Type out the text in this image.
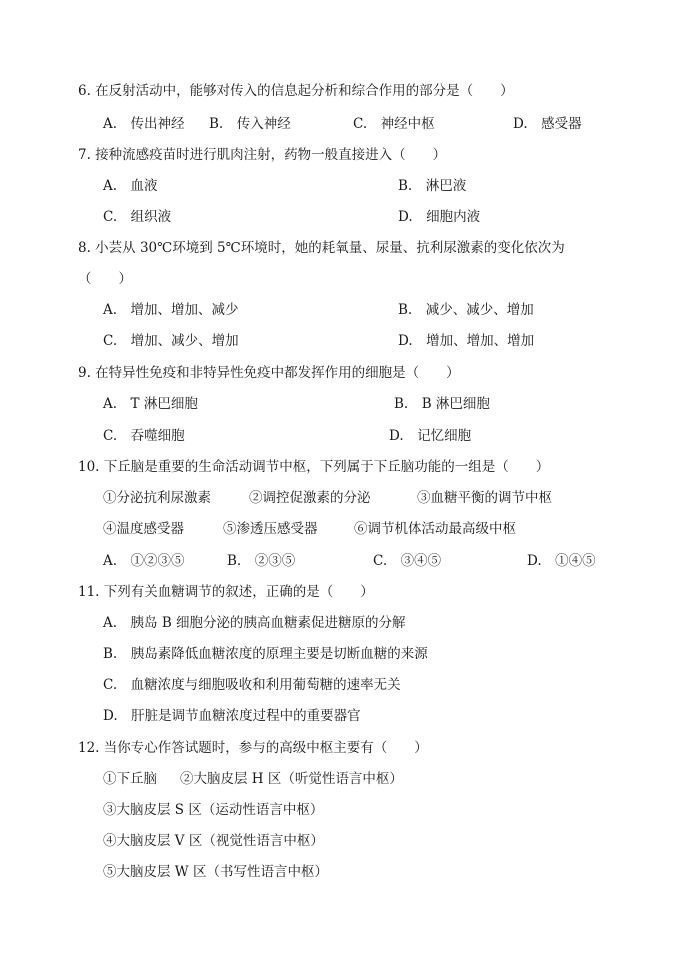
6. 在反射活动中，能够对传入的信息起分析和综合作用的部分是（　　）
A.　传出神经 B.　传入神经	C.　神经中枢	D.　感受器
7. 接种流感疫苗时进行肌肉注射，药物一般直接进入（　　）
A.　血液	B.　淋巴液
C.　组织液	D.　细胞内液
8. 小芸从 30℃环境到 5℃环境时，她的耗氧量、尿量、抗利尿激素的变化依次为
（　　）
A.　增加、增加、减少	B.　减少、减少、增加
C.　增加、减少、增加	D.　增加、增加、增加
9. 在特异性免疫和非特异性免疫中都发挥作用的细胞是（　　）
A.　T 淋巴细胞	B.　B 淋巴细胞
C.　吞噬细胞	D.　记忆细胞
10. 下丘脑是重要的生命活动调节中枢，下列属于下丘脑功能的一组是（　　）
①分泌抗利尿激素	②调控促激素的分泌	③血糖平衡的调节中枢
④温度感受器	⑤渗透压感受器	⑥调节机体活动最高级中枢
A.　①②③⑤	B.　②③⑤	C.　③④⑤	D.　①④⑤
11. 下列有关血糖调节的叙述，正确的是（　　）
A.　胰岛 B 细胞分泌的胰高血糖素促进糖原的分解
B.　胰岛素降低血糖浓度的原理主要是切断血糖的来源
C.　血糖浓度与细胞吸收和利用葡萄糖的速率无关
D.　肝脏是调节血糖浓度过程中的重要器官
12. 当你专心作答试题时，参与的高级中枢主要有（　　）
①下丘脑 ②大脑皮层 H 区（听觉性语言中枢）
③大脑皮层 S 区（运动性语言中枢）
④大脑皮层 V 区（视觉性语言中枢）
⑤大脑皮层 W 区（书写性语言中枢）
